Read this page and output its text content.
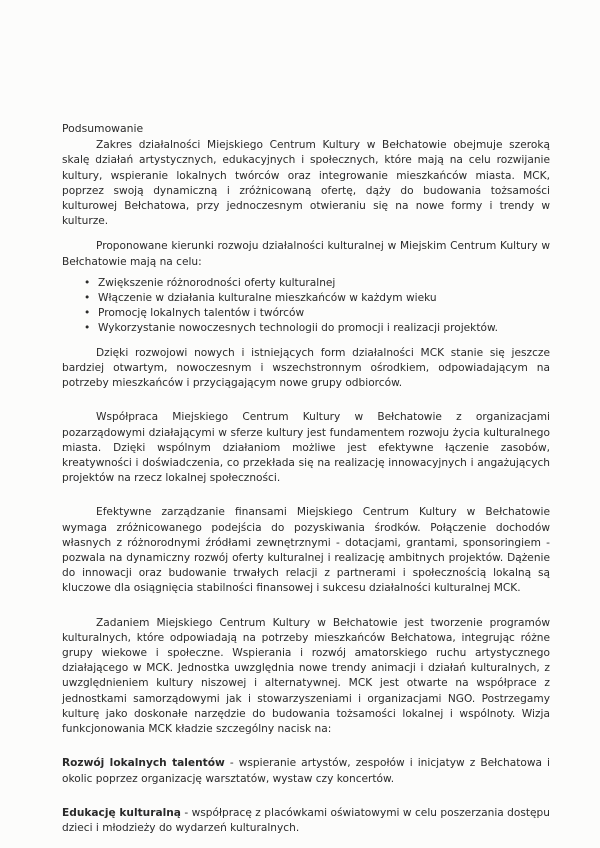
Podsumowanie

Zakres działalności Miejskiego Centrum Kultury w Bełchatowie obejmuje szeroką skalę działań artystycznych, edukacyjnych i społecznych, które mają na celu rozwijanie kultury, wspieranie lokalnych twórców oraz integrowanie mieszkańców miasta. MCK, poprzez swoją dynamiczną i zróżnicowaną ofertę, dąży do budowania tożsamości kulturowej Bełchatowa, przy jednoczesnym otwieraniu się na nowe formy i trendy w kulturze.

Proponowane kierunki rozwoju działalności kulturalnej w Miejskim Centrum Kultury w Bełchatowie mają na celu:

• Zwiększenie różnorodności oferty kulturalnej
• Włączenie w działania kulturalne mieszkańców w każdym wieku
• Promocję lokalnych talentów i twórców
• Wykorzystanie nowoczesnych technologii do promocji i realizacji projektów.

Dzięki rozwojowi nowych i istniejących form działalności MCK stanie się jeszcze bardziej otwartym, nowoczesnym i wszechstronnym ośrodkiem, odpowiadającym na potrzeby mieszkańców i przyciągającym nowe grupy odbiorców.

Współpraca Miejskiego Centrum Kultury w Bełchatowie z organizacjami pozarządowymi działającymi w sferze kultury jest fundamentem rozwoju życia kulturalnego miasta. Dzięki wspólnym działaniom możliwe jest efektywne łączenie zasobów, kreatywności i doświadczenia, co przekłada się na realizację innowacyjnych i angażujących projektów na rzecz lokalnej społeczności.

Efektywne zarządzanie finansami Miejskiego Centrum Kultury w Bełchatowie wymaga zróżnicowanego podejścia do pozyskiwania środków. Połączenie dochodów własnych z różnorodnymi źródłami zewnętrznymi - dotacjami, grantami, sponsoringiem - pozwala na dynamiczny rozwój oferty kulturalnej i realizację ambitnych projektów. Dążenie do innowacji oraz budowanie trwałych relacji z partnerami i społecznością lokalną są kluczowe dla osiągnięcia stabilności finansowej i sukcesu działalności kulturalnej MCK.

Zadaniem Miejskiego Centrum Kultury w Bełchatowie jest tworzenie programów kulturalnych, które odpowiadają na potrzeby mieszkańców Bełchatowa, integrując różne grupy wiekowe i społeczne. Wspierania i rozwój amatorskiego ruchu artystycznego działającego w MCK. Jednostka uwzględnia nowe trendy animacji i działań kulturalnych, z uwzględnieniem kultury niszowej i alternatywnej. MCK jest otwarte na współprace z jednostkami samorządowymi jak i stowarzyszeniami i organizacjami NGO. Postrzegamy kulturę jako doskonałe narzędzie do budowania tożsamości lokalnej i wspólnoty. Wizja funkcjonowania MCK kładzie szczególny nacisk na:

Rozwój lokalnych talentów - wspieranie artystów, zespołów i inicjatyw z Bełchatowa i okolic poprzez organizację warsztatów, wystaw czy koncertów.

Edukację kulturalną - współpracę z placówkami oświatowymi w celu poszerzania dostępu dzieci i młodzieży do wydarzeń kulturalnych.
